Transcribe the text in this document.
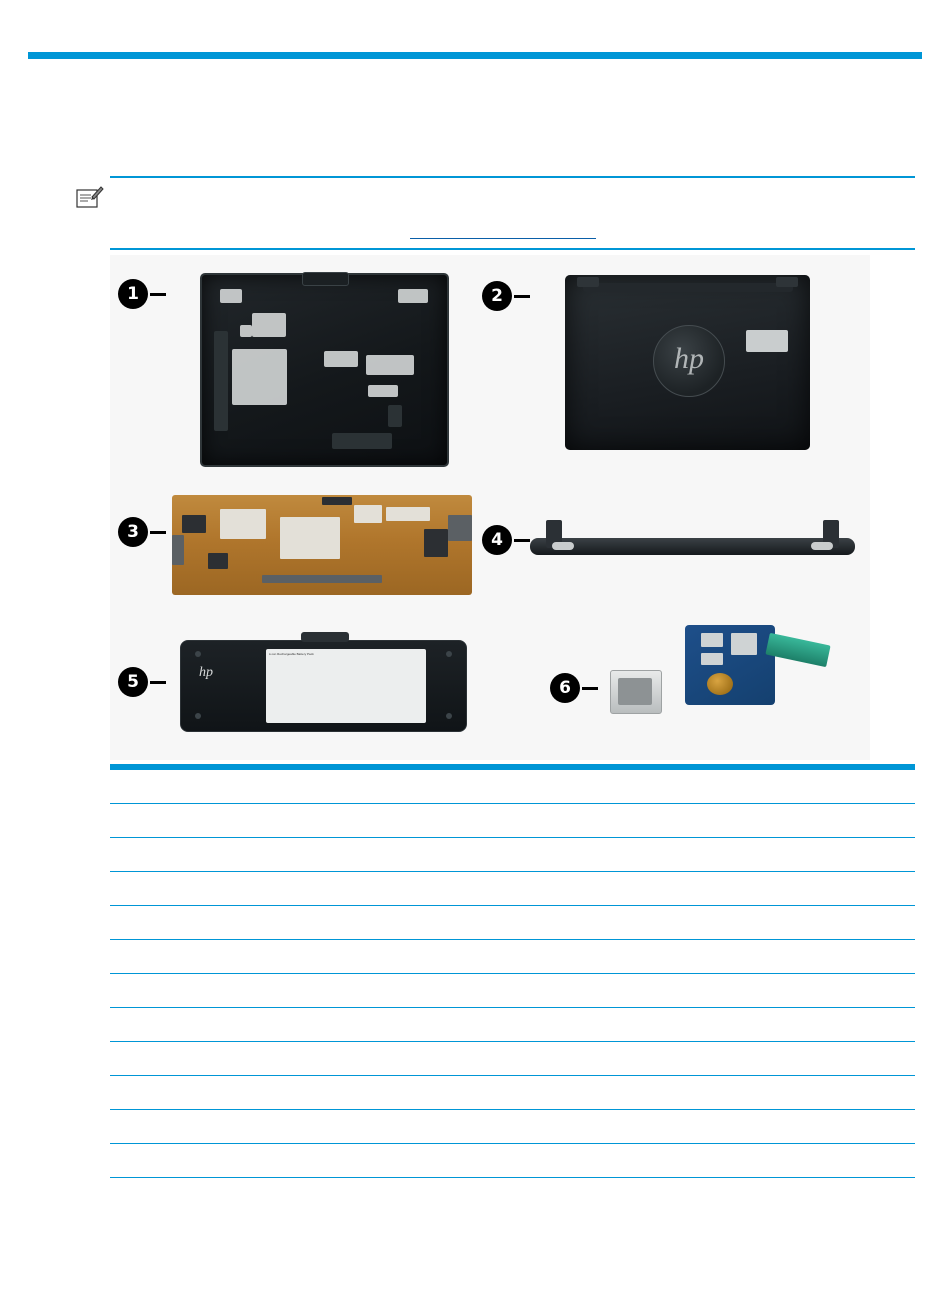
1	2
hp
3	4
5	hp
Li-ion Rechargeable Battery Pack
6
